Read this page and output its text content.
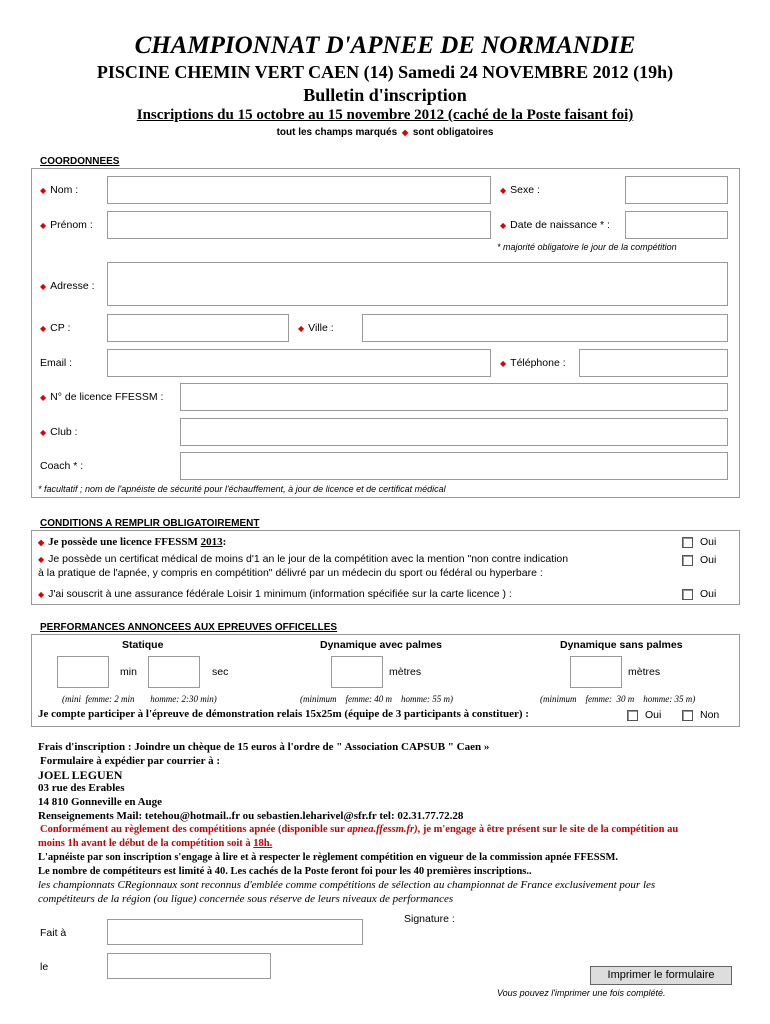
CHAMPIONNAT D'APNEE DE NORMANDIE
PISCINE CHEMIN VERT CAEN (14) Samedi 24 NOVEMBRE 2012 (19h)
Bulletin d'inscription
Inscriptions du 15 octobre au 15 novembre 2012 (caché de la Poste faisant foi)
tout les champs marqués ◆ sont obligatoires
COORDONNEES
◆ Nom :	◆ Sexe :
◆ Prénom :	◆ Date de naissance * :
* majorité obligatoire le jour de la compétition
◆ Adresse :
◆ CP :	◆ Ville :
Email :	◆ Téléphone :
◆ N° de licence FFESSM :
◆ Club :
Coach * :
* facultatif ; nom de l'apnéiste de sécurité pour l'échauffement, à jour de licence et de certificat médical
CONDITIONS A REMPLIR OBLIGATOIREMENT
◆ Je possède une licence FFESSM 2013:	Oui
◆ Je possède un certificat médical de moins d'1 an le jour de la compétition avec la mention "non contre indication
à la pratique de l'apnée, y compris en compétition" délivré par un médecin du sport ou fédéral ou hyperbare :
Oui
◆ J'ai souscrit à une assurance fédérale Loisir 1 minimum (information spécifiée sur la carte licence ) :	Oui
PERFORMANCES ANNONCEES AUX EPREUVES OFFICELLES
Statique	Dynamique avec palmes	Dynamique sans palmes
min	sec	mètres	mètres
(mini  femme: 2 min       homme: 2:30 min)	(minimum    femme: 40 m    homme: 55 m)	(minimum    femme:  30 m    homme: 35 m)
Je compte participer à l'épreuve de démonstration relais 15x25m (équipe de 3 participants à constituer) :	Oui	Non
Frais d'inscription : Joindre un chèque de 15 euros à l'ordre de " Association CAPSUB " Caen »
Formulaire à expédier par courrier à :
JOEL LEGUEN
03 rue des Erables
14 810 Gonneville en Auge
Renseignements Mail: tetehou@hotmail..fr ou sebastien.leharivel@sfr.fr tel: 02.31.77.72.28
Conformément au règlement des compétitions apnée (disponible sur apnea.ffessm.fr), je m'engage à être présent sur le site de la compétition au
moins 1h avant le début de la compétition soit à 18h.
L'apnéiste par son inscription s'engage à lire et à respecter le règlement compétition en vigueur de la commission apnée FFESSM.
Le nombre de compétiteurs est limité à 40. Les cachés de la Poste feront foi pour les 40 premières inscriptions..
les championnats CRegionnaux sont reconnus d'emblée comme compétitions de sélection au championnat de France exclusivement pour les
compétiteurs de la région (ou ligue) concernée sous réserve de leurs niveaux de performances
Signature :
Fait à
le
Imprimer le formulaire
Vous pouvez l'imprimer une fois complété.
